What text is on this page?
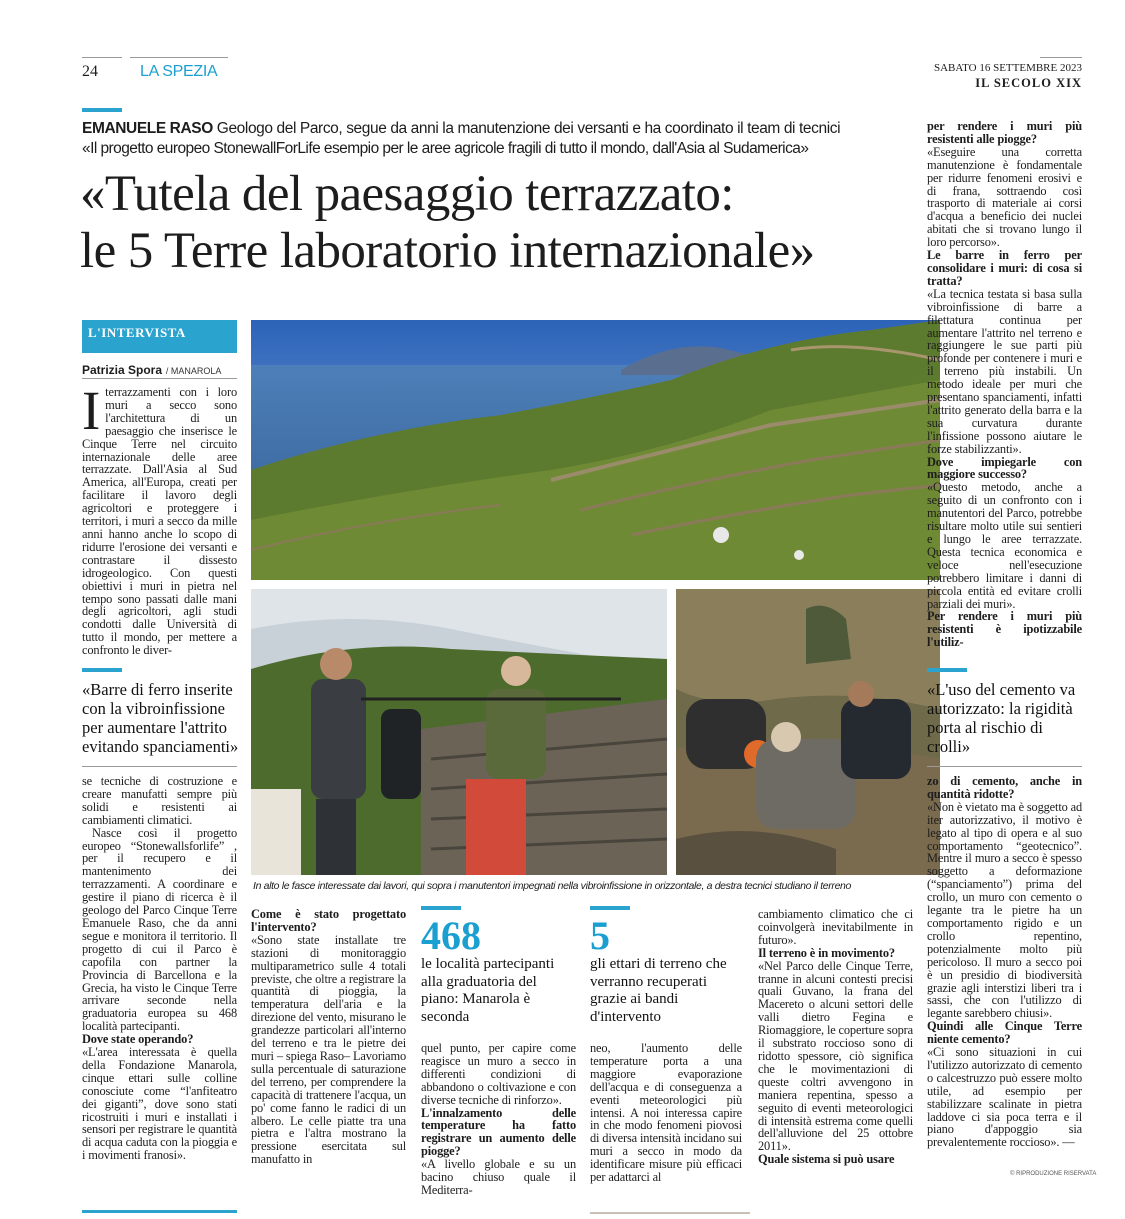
24	LA SPEZIA	SABATO 16 SETTEMBRE 2023
IL SECOLO XIX
EMANUELE RASO Geologo del Parco, segue da anni la manutenzione dei versanti e ha coordinato il team di tecnici
«Il progetto europeo StonewallForLife esempio per le aree agricole fragili di tutto il mondo, dall'Asia al Sudamerica»
«Tutela del paesaggio terrazzato:
le 5 Terre laboratorio internazionale»
L'INTERVISTA
Patrizia Spora / MANAROLA
I terrazzamenti con i loro muri a secco sono l'architettura di un paesaggio che inserisce le Cinque Terre nel circuito internazionale delle aree terrazzate. Dall'Asia al Sud America, all'Europa, creati per facilitare il lavoro degli agricoltori e proteggere i territori, i muri a secco da mille anni hanno anche lo scopo di ridurre l'erosione dei versanti e contrastare il dissesto idrogeologico. Con questi obiettivi i muri in pietra nel tempo sono passati dalle mani degli agricoltori, agli studi condotti dalle Università di tutto il mondo, per mettere a confronto le diver-
«Barre di ferro inserite con la vibroinfissione per aumentare l'attrito evitando spanciamenti»

se tecniche di costruzione e creare manufatti sempre più solidi e resistenti ai cambiamenti climatici.

Nasce così il progetto europeo “Stonewallsforlife” , per il recupero e il mantenimento dei terrazzamenti. A coordinare e gestire il piano di ricerca è il geologo del Parco Cinque Terre Emanuele Raso, che da anni segue e monitora il territorio. Il progetto di cui il Parco è capofila con partner la Provincia di Barcellona e la Grecia, ha visto le Cinque Terre arrivare seconde nella graduatoria europea su 468 località partecipanti.

Dove state operando?

«L'area interessata è quella della Fondazione Manarola, cinque ettari sulle colline conosciute come “l'anfiteatro dei giganti”, dove sono stati ricostruiti i muri e installati i sensori per registrare le quantità di acqua caduta con la pioggia e i movimenti franosi».

In alto le fasce interessate dai lavori, qui sopra i manutentori impegnati nella vibroinfissione in orizzontale, a destra tecnici studiano il terreno

Come è stato progettato l'intervento?

«Sono state installate tre stazioni di monitoraggio multiparametrico sulle 4 totali previste, che oltre a registrare la quantità di pioggia, la temperatura dell'aria e la direzione del vento, misurano le grandezze particolari all'interno del terreno e tra le pietre dei muri – spiega Raso– Lavoriamo sulla percentuale di saturazione del terreno, per comprendere la capacità di trattenere l'acqua, un po' come fanno le radici di un albero. Le celle piatte tra una pietra e l'altra mostrano la pressione esercitata sul manufatto in

468
le località partecipanti alla graduatoria del piano: Manarola è seconda
5
gli ettari di terreno che verranno recuperati grazie ai bandi d'intervento

quel punto, per capire come reagisce un muro a secco in differenti condizioni di abbandono o coltivazione e con diverse tecniche di rinforzo».

L'innalzamento delle temperature ha fatto registrare un aumento delle piogge?

«A livello globale e su un bacino chiuso quale il Mediterra-

neo, l'aumento delle temperature porta a una maggiore evaporazione dell'acqua e di conseguenza a eventi meteorologici più intensi. A noi interessa capire in che modo fenomeni piovosi di diversa intensità incidano sui muri a secco in modo da identificare misure più efficaci per adattarci al

cambiamento climatico che ci coinvolgerà inevitabilmente in futuro».

Il terreno è in movimento?

«Nel Parco delle Cinque Terre, tranne in alcuni contesti precisi quali Guvano, la frana del Macereto o alcuni settori delle valli dietro Fegina e Riomaggiore, le coperture sopra il substrato roccioso sono di ridotto spessore, ciò significa che le movimentazioni di queste coltri avvengono in maniera repentina, spesso a seguito di eventi meteorologici di intensità estrema come quelli dell'alluvione del 25 ottobre 2011».

Quale sistema si può usare

per rendere i muri più resistenti alle piogge?

«Eseguire una corretta manutenzione è fondamentale per ridurre fenomeni erosivi e di frana, sottraendo così trasporto di materiale ai corsi d'acqua a beneficio dei nuclei abitati che si trovano lungo il loro percorso».

Le barre in ferro per consolidare i muri: di cosa si tratta?

«La tecnica testata si basa sulla vibroinfissione di barre a filettatura continua per aumentare l'attrito nel terreno e raggiungere le sue parti più profonde per contenere i muri e il terreno più instabili. Un metodo ideale per muri che presentano spanciamenti, infatti l'attrito generato della barra e la sua curvatura durante l'infissione possono aiutare le forze stabilizzanti».

Dove impiegarle con maggiore successo?

«Questo metodo, anche a seguito di un confronto con i manutentori del Parco, potrebbe risultare molto utile sui sentieri e lungo le aree terrazzate. Questa tecnica economica e veloce nell'esecuzione potrebbero limitare i danni di piccola entità ed evitare crolli parziali dei muri».

Per rendere i muri più resistenti è ipotizzabile l'utiliz-

«L'uso del cemento va autorizzato: la rigidità porta al rischio di crolli»

zo di cemento, anche in quantità ridotte?

«Non è vietato ma è soggetto ad iter autorizzativo, il motivo è legato al tipo di opera e al suo comportamento “geotecnico”. Mentre il muro a secco è spesso soggetto a deformazione (“spanciamento”) prima del crollo, un muro con cemento o legante tra le pietre ha un comportamento rigido e un crollo repentino, potenzialmente molto più pericoloso. Il muro a secco poi è un presidio di biodiversità grazie agli interstizi liberi tra i sassi, che con l'utilizzo di legante sarebbero chiusi».

Quindi alle Cinque Terre niente cemento?

«Ci sono situazioni in cui l'utilizzo autorizzato di cemento o calcestruzzo può essere molto utile, ad esempio per stabilizzare scalinate in pietra laddove ci sia poca terra e il piano d'appoggio sia prevalentemente roccioso». —

© RIPRODUZIONE RISERVATA
